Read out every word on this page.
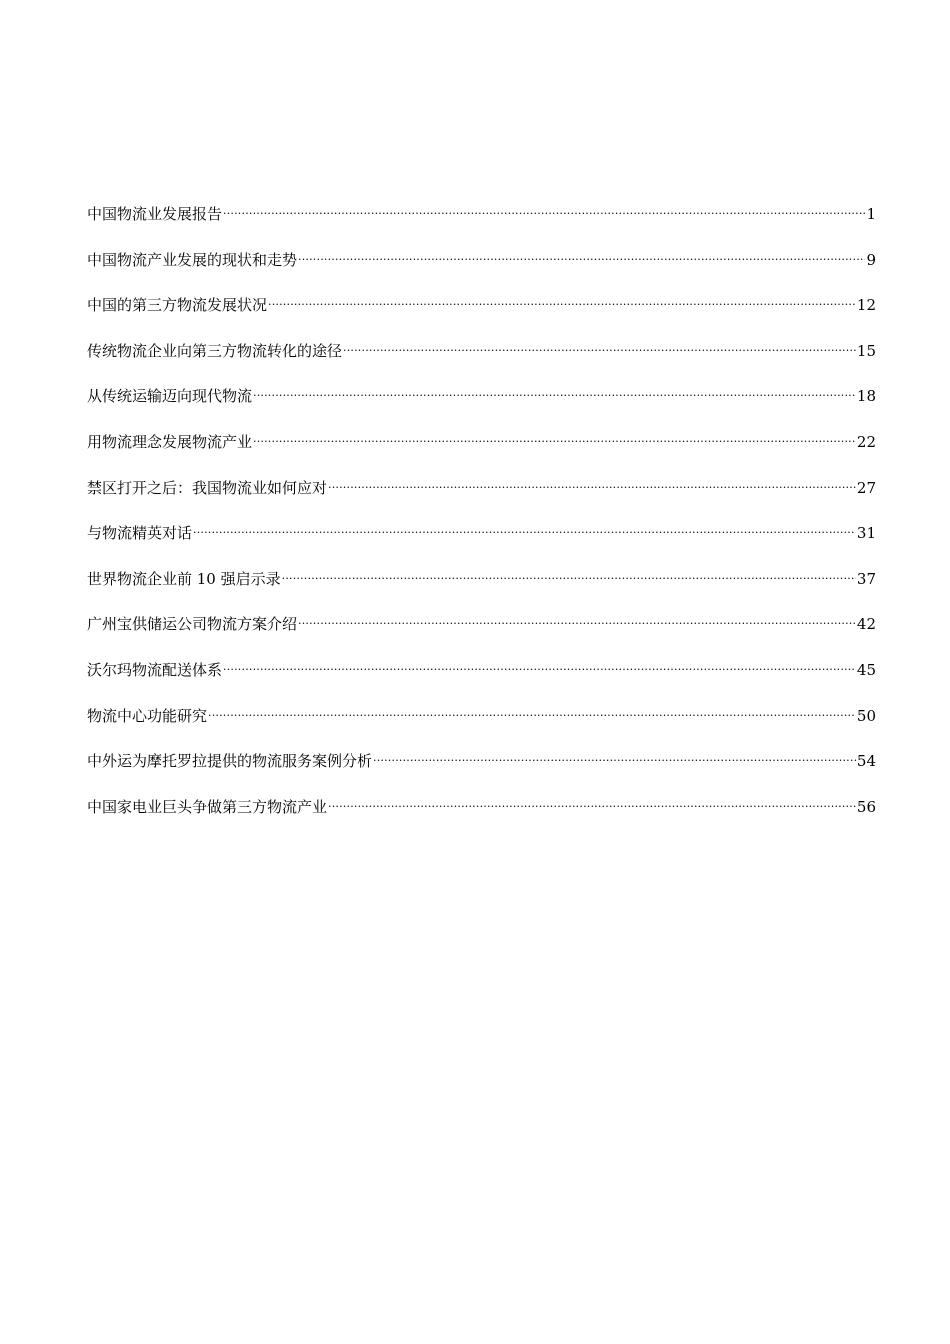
中国物流业发展报告 .....	1
中国物流产业发展的现状和走势 .....	9
中国的第三方物流发展状况 .....	12
传统物流企业向第三方物流转化的途径 .....	15
从传统运输迈向现代物流 .....	18
用物流理念发展物流产业 .....	22
禁区打开之后：我国物流业如何应对 .....	27
与物流精英对话 .....	31
世界物流企业前 10 强启示录 .....	37
广州宝供储运公司物流方案介绍 .....	42
沃尔玛物流配送体系 .....	45
物流中心功能研究 .....	50
中外运为摩托罗拉提供的物流服务案例分析 .....	54
中国家电业巨头争做第三方物流产业 .....	56
